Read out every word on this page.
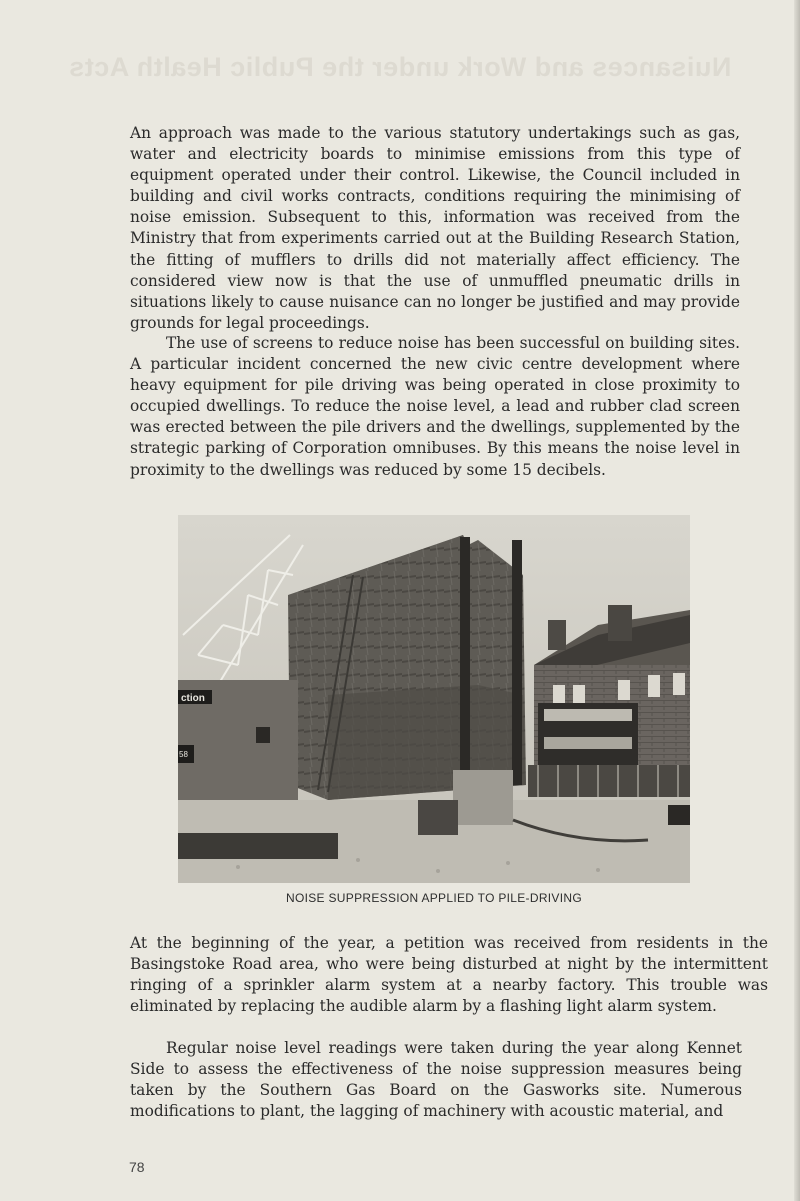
Nuisances and Work under the Public Health Acts

An approach was made to the various statutory undertakings such as gas, water and electricity boards to minimise emissions from this type of equipment operated under their control. Likewise, the Council included in building and civil works contracts, conditions requiring the minimising of noise emission. Subsequent to this, information was received from the Ministry that from experiments carried out at the Building Research Station, the fitting of mufflers to drills did not materially affect efficiency. The considered view now is that the use of unmuffled pneumatic drills in situations likely to cause nuisance can no longer be justified and may provide grounds for legal proceedings.

The use of screens to reduce noise has been successful on building sites. A particular incident concerned the new civic centre development where heavy equipment for pile driving was being operated in close proximity to occupied dwellings. To reduce the noise level, a lead and rubber clad screen was erected between the pile drivers and the dwellings, supplemented by the strategic parking of Corporation omnibuses. By this means the noise level in proximity to the dwellings was reduced by some 15 decibels.

ction
58
NOISE SUPPRESSION APPLIED TO PILE-DRIVING

At the beginning of the year, a petition was received from residents in the Basingstoke Road area, who were being disturbed at night by the intermittent ringing of a sprinkler alarm system at a nearby factory. This trouble was eliminated by replacing the audible alarm by a flashing light alarm system.

Regular noise level readings were taken during the year along Kennet Side to assess the effectiveness of the noise suppression measures being taken by the Southern Gas Board on the Gasworks site. Numerous modifications to plant, the lagging of machinery with acoustic material, and

78
